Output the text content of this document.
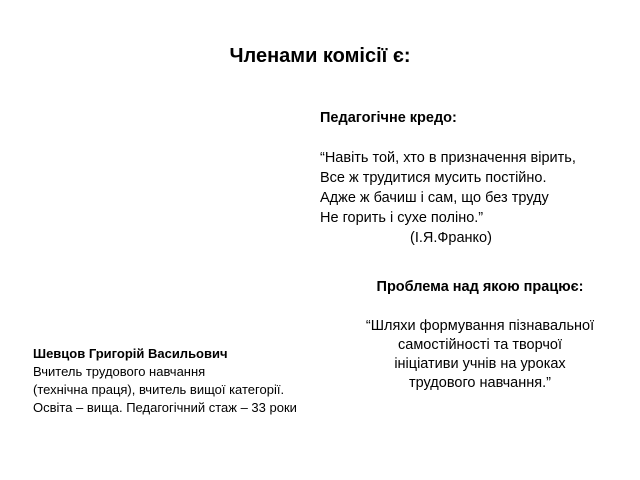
Членами комісії є:
Педагогічне кредо:
“Навіть той, хто в призначення вірить,
Все ж трудитися мусить постійно.
Адже ж бачиш і сам, що без труду
Не горить і сухе поліно.”
(І.Я.Франко)
Проблема над якою працює:
“Шляхи формування пізнавальної
самостійності та творчої
ініціативи учнів на уроках
трудового навчання.”
Шевцов Григорій Васильович
Вчитель трудового навчання
(технічна праця), вчитель вищої категорії.
Освіта – вища. Педагогічний стаж – 33 роки
